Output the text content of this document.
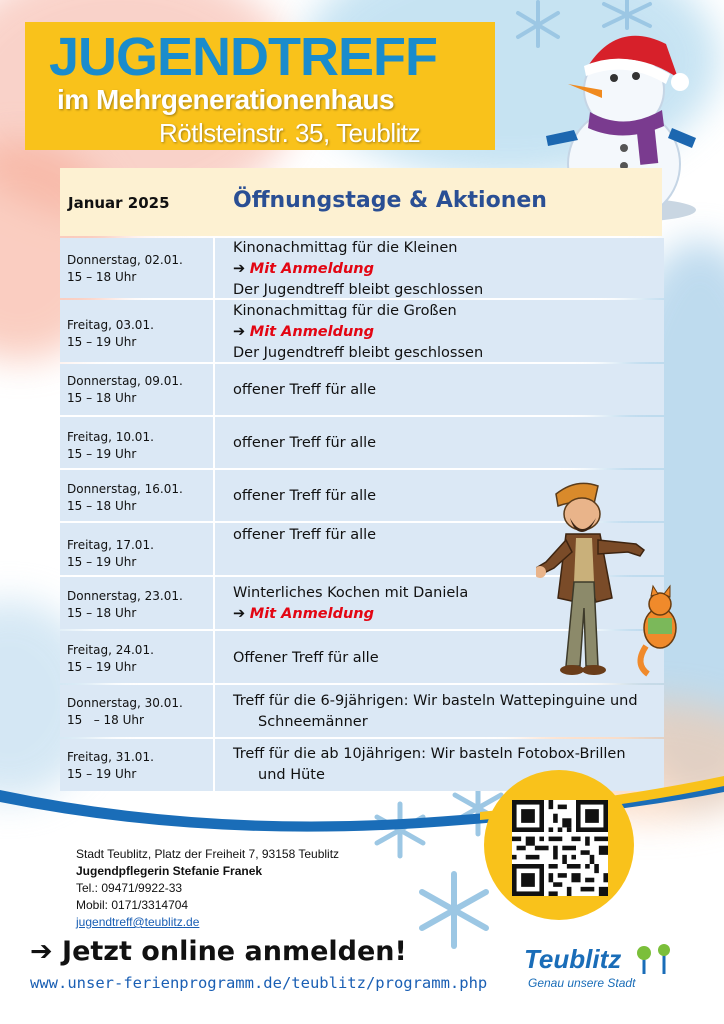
JUGENDTREFF
im Mehrgenerationenhaus
Rötlsteinstr. 35, Teublitz
Januar 2025	Öffnungstage & Aktionen
Donnerstag, 02.01.
15 – 18 Uhr
Kinonachmittag für die Kleinen
➔ Mit Anmeldung
Der Jugendtreff bleibt geschlossen
Freitag, 03.01.
15 – 19 Uhr
Kinonachmittag für die Großen
➔ Mit Anmeldung
Der Jugendtreff bleibt geschlossen
Donnerstag, 09.01.
15 – 18 Uhr	offener Treff für alle
Freitag, 10.01.
15 – 19 Uhr
offener Treff für alle
Donnerstag, 16.01.
15 – 18 Uhr
offener Treff für alle
Freitag, 17.01.
15 – 19 Uhr
offener Treff für alle
Donnerstag, 23.01.
15 – 18 Uhr
Winterliches Kochen mit Daniela
➔ Mit Anmeldung
Freitag, 24.01.
15 – 19 Uhr
Offener Treff für alle
Donnerstag, 30.01.
15   – 18 Uhr
Treff für die 6-9jährigen: Wir basteln Wattepinguine und
Schneemänner
Freitag, 31.01.
15 – 19 Uhr
Treff für die ab 10jährigen: Wir basteln Fotobox-Brillen
und Hüte
Stadt Teublitz, Platz der Freiheit 7, 93158 Teublitz
Jugendpflegerin Stefanie Franek
Tel.: 09471/9922-33
Mobil: 0171/3314704
jugendtreff@teublitz.de
➔ Jetzt online anmelden!
www.unser-ferienprogramm.de/teublitz/programm.php
Teublitz
Genau unsere Stadt
